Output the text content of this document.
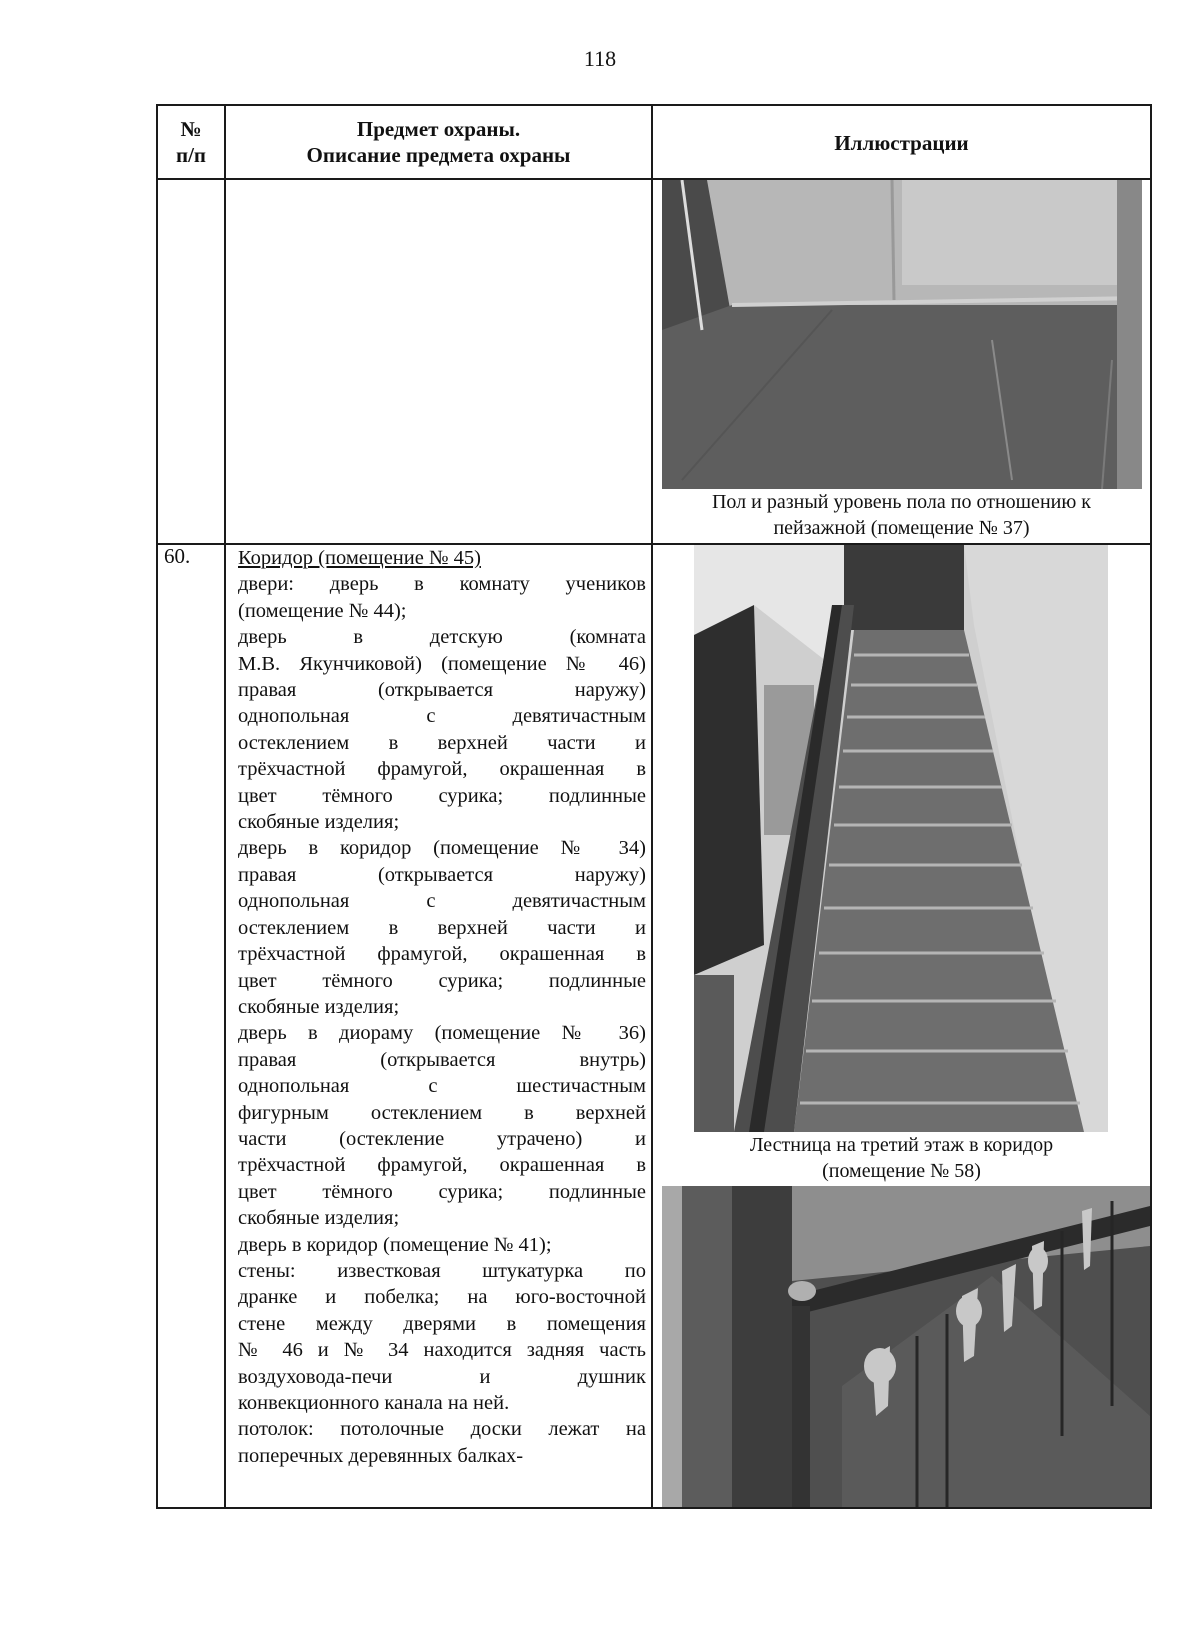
118
№
п/п
Предмет охраны.
Описание предмета охраны	Иллюстрации
Пол и разный уровень пола по отношению к
пейзажной (помещение № 37)
60. Коридор (помещение № 45)
двери: дверь в комнату учеников
(помещение № 44);
дверь в детскую (комната
М.В. Якунчиковой) (помещение № 46)
правая (открывается наружу)
однопольная с девятичастным
остеклением в верхней части и
трёхчастной фрамугой, окрашенная в
цвет тёмного сурика; подлинные
скобяные изделия;
дверь в коридор (помещение № 34)
правая (открывается наружу)
однопольная с девятичастным
остеклением в верхней части и
трёхчастной фрамугой, окрашенная в
цвет тёмного сурика; подлинные
скобяные изделия;
дверь в диораму (помещение № 36)
правая (открывается внутрь)
однопольная с шестичастным
фигурным остеклением в верхней
части (остекление утрачено) и
трёхчастной фрамугой, окрашенная в
цвет тёмного сурика; подлинные
скобяные изделия;
дверь в коридор (помещение № 41);
стены: известковая штукатурка по
дранке и побелка; на юго-восточной
стене между дверями в помещения
№ 46 и № 34 находится задняя часть
воздуховода-печи и душник
конвекционного канала на ней.
потолок: потолочные доски лежат на
поперечных деревянных балках-
Лестница на третий этаж в коридор
(помещение № 58)
